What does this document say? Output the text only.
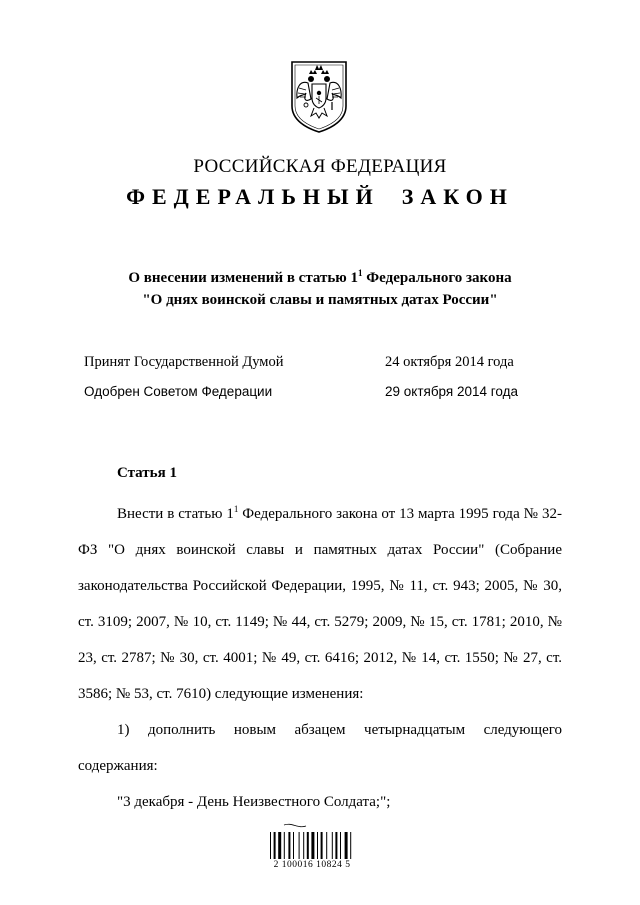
РОССИЙСКАЯ ФЕДЕРАЦИЯ
ФЕДЕРАЛЬНЫЙ ЗАКОН
О внесении изменений в статью $1^1$ Федерального закона
"О днях воинской славы и памятных датах России"
Принят Государственной Думой	24 октября 2014 года
Одобрен Советом Федерации	29 октября 2014 года
Статья 1

Внести в статью $1^1$ Федерального закона от 13 марта 1995 года № 32-ФЗ "О днях воинской славы и памятных датах России" (Собрание законодательства Российской Федерации, 1995, № 11, ст. 943; 2005, № 30, ст. 3109; 2007, № 10, ст. 1149; № 44, ст. 5279; 2009, № 15, ст. 1781; 2010, № 23, ст. 2787; № 30, ст. 4001; № 49, ст. 6416; 2012, № 14, ст. 1550; № 27, ст. 3586; № 53, ст. 7610) следующие изменения:

1) дополнить новым абзацем четырнадцатым следующего

содержания:

"3 декабря - День Неизвестного Солдата;";

2 100016 10824 5
